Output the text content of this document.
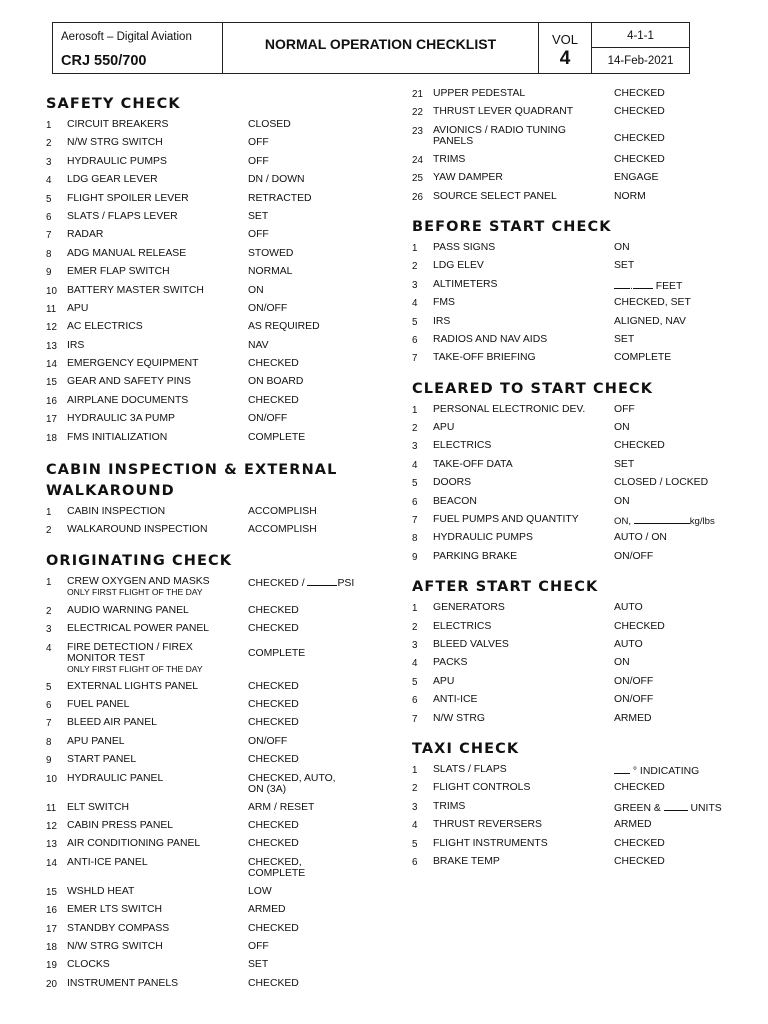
Aerosoft – Digital Aviation
CRJ 550/700
NORMAL OPERATION CHECKLIST	VOL
4
4-1-1
14-Feb-2021
SAFETY CHECK
1	CIRCUIT BREAKERS	CLOSED
2	N/W STRG SWITCH	OFF
3	HYDRAULIC PUMPS	OFF
4	LDG GEAR LEVER	DN / DOWN
5	FLIGHT SPOILER LEVER	RETRACTED
6	SLATS / FLAPS LEVER	SET
7	RADAR	OFF
8	ADG MANUAL RELEASE	STOWED
9	EMER FLAP SWITCH	NORMAL
10 BATTERY MASTER SWITCH	ON
11	APU	ON/OFF
12 AC ELECTRICS	AS REQUIRED
13 IRS	NAV
14 EMERGENCY EQUIPMENT	CHECKED
15 GEAR AND SAFETY PINS	ON BOARD
16 AIRPLANE DOCUMENTS	CHECKED
17 HYDRAULIC 3A PUMP	ON/OFF
18 FMS INITIALIZATION	COMPLETE
CABIN INSPECTION & EXTERNAL
WALKAROUND
1	CABIN INSPECTION	ACCOMPLISH
2	WALKAROUND INSPECTION	ACCOMPLISH
ORIGINATING CHECK
1	CREW OXYGEN AND MASKS
ONLY FIRST FLIGHT OF THE DAY
CHECKED /	PSI
2	AUDIO WARNING PANEL	CHECKED
3	ELECTRICAL POWER PANEL	CHECKED
4	FIRE DETECTION / FIREX
MONITOR TEST
ONLY FIRST FLIGHT OF THE DAY
COMPLETE
5	EXTERNAL LIGHTS PANEL	CHECKED
6	FUEL PANEL	CHECKED
7	BLEED AIR PANEL	CHECKED
8	APU PANEL	ON/OFF
9	START PANEL	CHECKED
10 HYDRAULIC PANEL	CHECKED, AUTO,
ON (3A)
11	ELT SWITCH	ARM / RESET
12 CABIN PRESS PANEL	CHECKED
13 AIR CONDITIONING PANEL	CHECKED
14 ANTI-ICE PANEL	CHECKED,
COMPLETE
15 WSHLD HEAT	LOW
16 EMER LTS SWITCH	ARMED
17 STANDBY COMPASS	CHECKED
18 N/W STRG SWITCH	OFF
19 CLOCKS	SET
20 INSTRUMENT PANELS	CHECKED
21 UPPER PEDESTAL	CHECKED
22 THRUST LEVER QUADRANT	CHECKED
23 AVIONICS / RADIO TUNING
PANELS	CHECKED
24 TRIMS	CHECKED
25 YAW DAMPER	ENGAGE
26 SOURCE SELECT PANEL	NORM
BEFORE START CHECK
1	PASS SIGNS	ON
2	LDG ELEV	SET
3	ALTIMETERS	. FEET
4	FMS	CHECKED, SET
5	IRS	ALIGNED, NAV
6	RADIOS AND NAV AIDS	SET
7	TAKE-OFF BRIEFING	COMPLETE
CLEARED TO START CHECK
1	PERSONAL ELECTRONIC DEV.	OFF
2	APU	ON
3	ELECTRICS	CHECKED
4	TAKE-OFF DATA	SET
5	DOORS	CLOSED / LOCKED
6	BEACON	ON
7	FUEL PUMPS AND QUANTITY	ON,	kg/lbs
8	HYDRAULIC PUMPS	AUTO / ON
9	PARKING BRAKE	ON/OFF
AFTER START CHECK
1	GENERATORS	AUTO
2	ELECTRICS	CHECKED
3	BLEED VALVES	AUTO
4	PACKS	ON
5	APU	ON/OFF
6	ANTI-ICE	ON/OFF
7	N/W STRG	ARMED
TAXI CHECK
1	SLATS / FLAPS	° INDICATING
2	FLIGHT CONTROLS	CHECKED
3	TRIMS	GREEN &  UNITS
4	THRUST REVERSERS	ARMED
5	FLIGHT INSTRUMENTS	CHECKED
6	BRAKE TEMP	CHECKED
